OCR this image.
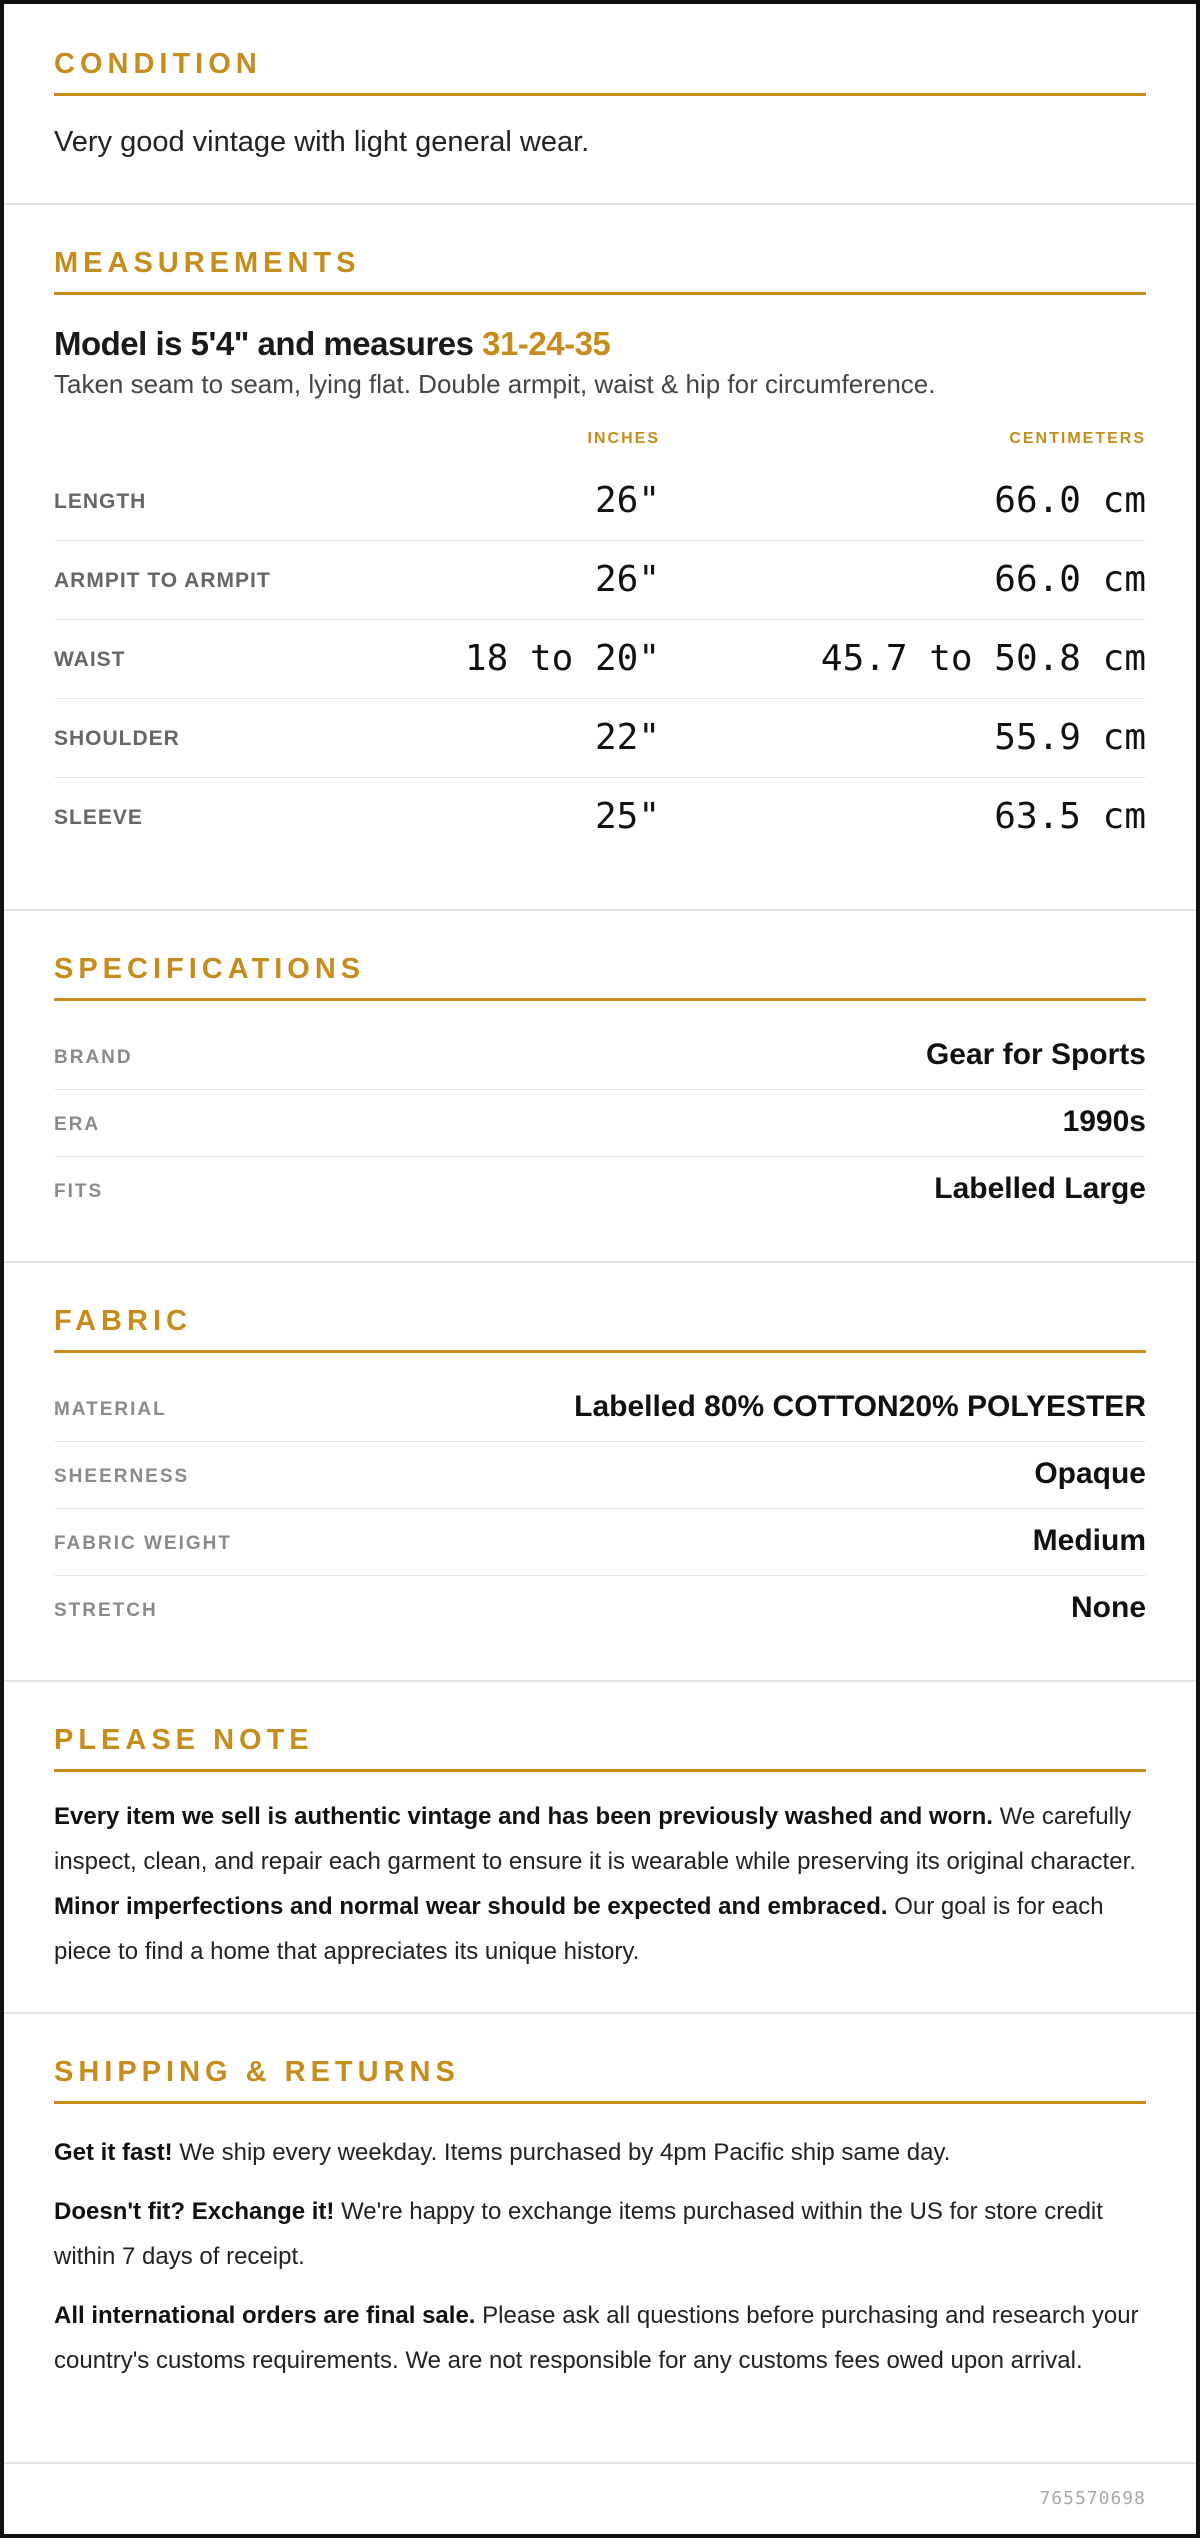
CONDITION

Very good vintage with light general wear.

MEASUREMENTS
Model is 5'4" and measures 31-24-35

Taken seam to seam, lying flat. Double armpit, waist & hip for circumference.

INCHES	CENTIMETERS
LENGTH	26"	66.0 cm
ARMPIT TO ARMPIT	26"	66.0 cm
WAIST	18 to 20"	45.7 to 50.8 cm
SHOULDER	22"	55.9 cm
SLEEVE	25"	63.5 cm
SPECIFICATIONS
BRAND	Gear for Sports
ERA	1990s
FITS	Labelled Large
FABRIC
MATERIAL	Labelled 80% COTTON20% POLYESTER
SHEERNESS	Opaque
FABRIC WEIGHT	Medium
STRETCH	None
PLEASE NOTE

Every item we sell is authentic vintage and has been previously washed and worn. We carefully inspect, clean, and repair each garment to ensure it is wearable while preserving its original character. Minor imperfections and normal wear should be expected and embraced. Our goal is for each piece to find a home that appreciates its unique history.

SHIPPING & RETURNS

Get it fast! We ship every weekday. Items purchased by 4pm Pacific ship same day.

Doesn't fit? Exchange it! We're happy to exchange items purchased within the US for store credit within 7 days of receipt.

All international orders are final sale. Please ask all questions before purchasing and research your country's customs requirements. We are not responsible for any customs fees owed upon arrival.

765570698
